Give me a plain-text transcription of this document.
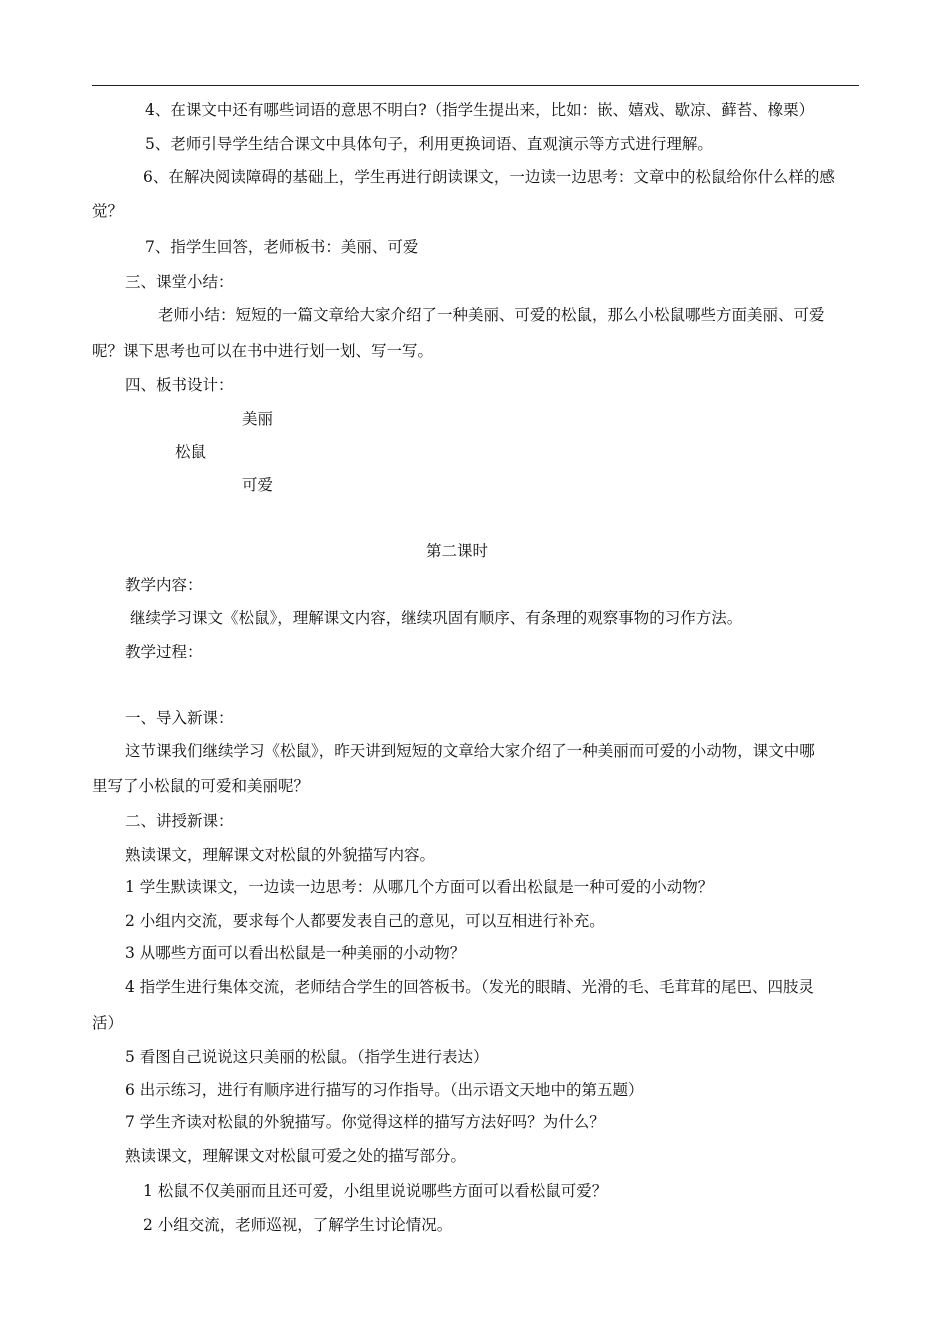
4、在课文中还有哪些词语的意思不明白?（指学生提出来，比如：嵌、嬉戏、歇凉、藓苔、橡栗）
5、老师引导学生结合课文中具体句子，利用更换词语、直观演示等方式进行理解。
6、在解决阅读障碍的基础上，学生再进行朗读课文，一边读一边思考：文章中的松鼠给你什么样的感
觉？
7、指学生回答，老师板书：美丽、可爱
三、课堂小结：
老师小结：短短的一篇文章给大家介绍了一种美丽、可爱的松鼠，那么小松鼠哪些方面美丽、可爱
呢？课下思考也可以在书中进行划一划、写一写。
四、板书设计：
美丽
松鼠
可爱
第二课时
教学内容：
继续学习课文《松鼠》，理解课文内容，继续巩固有顺序、有条理的观察事物的习作方法。
教学过程：
一、导入新课：
这节课我们继续学习《松鼠》，昨天讲到短短的文章给大家介绍了一种美丽而可爱的小动物，课文中哪
里写了小松鼠的可爱和美丽呢？
二、讲授新课：
熟读课文，理解课文对松鼠的外貌描写内容。
1 学生默读课文，一边读一边思考：从哪几个方面可以看出松鼠是一种可爱的小动物？
2 小组内交流，要求每个人都要发表自己的意见，可以互相进行补充。
3 从哪些方面可以看出松鼠是一种美丽的小动物？
4 指学生进行集体交流，老师结合学生的回答板书。（发光的眼睛、光滑的毛、毛茸茸的尾巴、四肢灵
活）
5 看图自己说说这只美丽的松鼠。（指学生进行表达）
6 出示练习，进行有顺序进行描写的习作指导。（出示语文天地中的第五题）
7 学生齐读对松鼠的外貌描写。你觉得这样的描写方法好吗？为什么？
熟读课文，理解课文对松鼠可爱之处的描写部分。
1 松鼠不仅美丽而且还可爱，小组里说说哪些方面可以看松鼠可爱？
2 小组交流，老师巡视，了解学生讨论情况。
